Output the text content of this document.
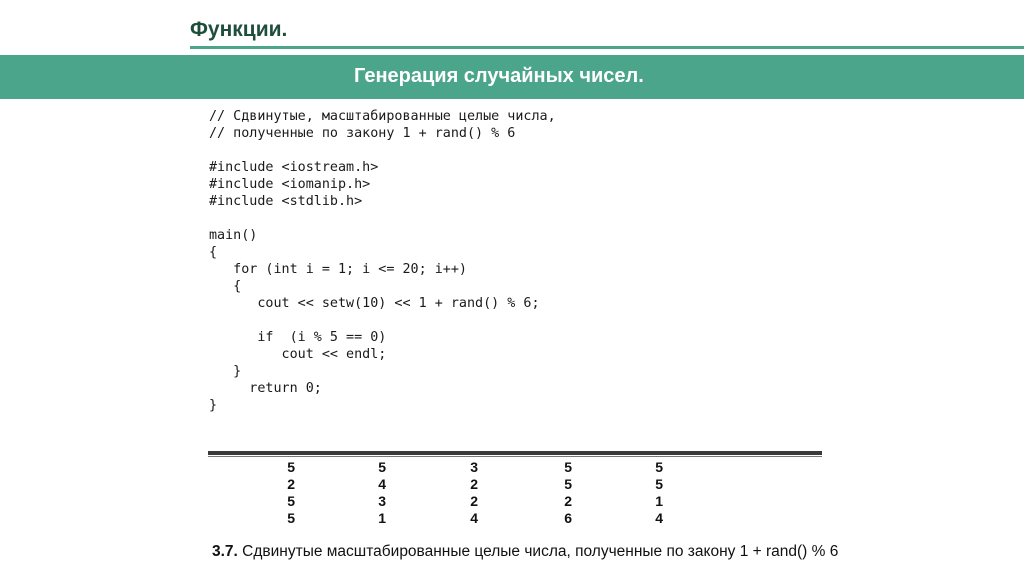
Функции.
Генерация случайных чисел.
// Сдвинутые, масштабированные целые числа,
// полученные по закону 1 + rand() % 6
#include <iostream.h>
#include <iomanip.h>
#include <stdlib.h>
main()
{
for (int i = 1; i <= 20; i++)
{
cout << setw(10) << 1 + rand() % 6;
if  (i % 5 == 0)
cout << endl;
}
return 0;
}
5	5	3	5	5
2	4	2	5	5
5	3	2	2	1
5	1	4	6	4
3.7. Сдвинутые масштабированные целые числа, полученные по закону 1 + rand() % 6
